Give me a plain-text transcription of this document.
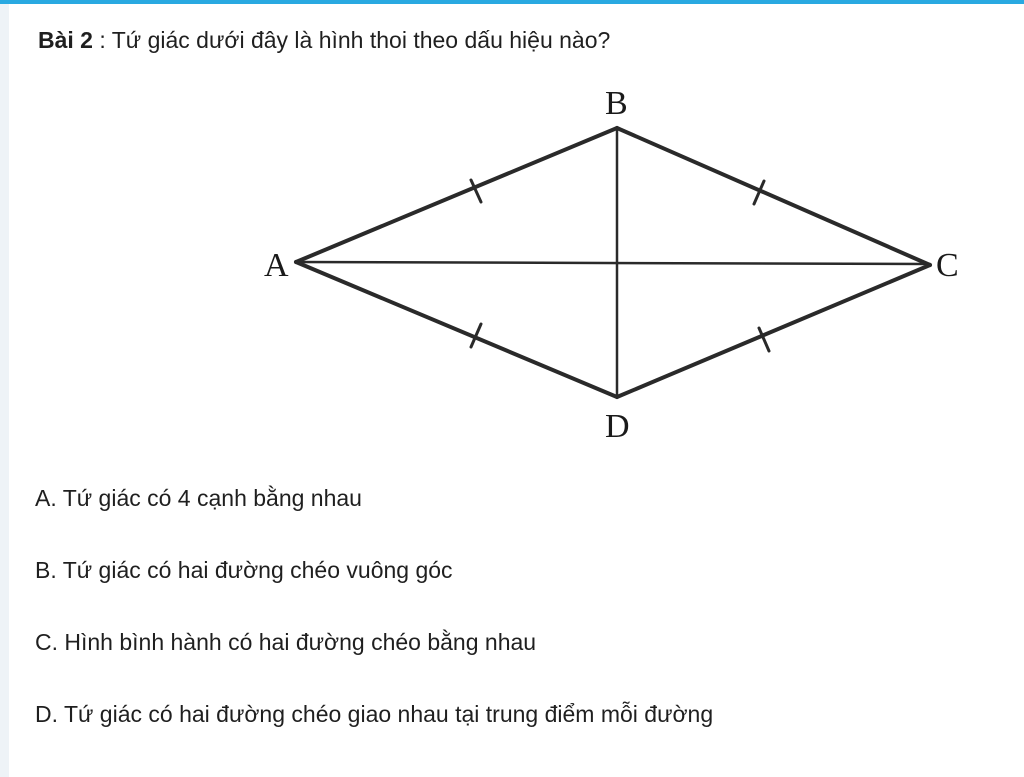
Bài 2 : Tứ giác dưới đây là hình thoi theo dấu hiệu nào?
B
A	C
D
A. Tứ giác có 4 cạnh bằng nhau
B. Tứ giác có hai đường chéo vuông góc
C. Hình bình hành có hai đường chéo bằng nhau
D. Tứ giác có hai đường chéo giao nhau tại trung điểm mỗi đường
